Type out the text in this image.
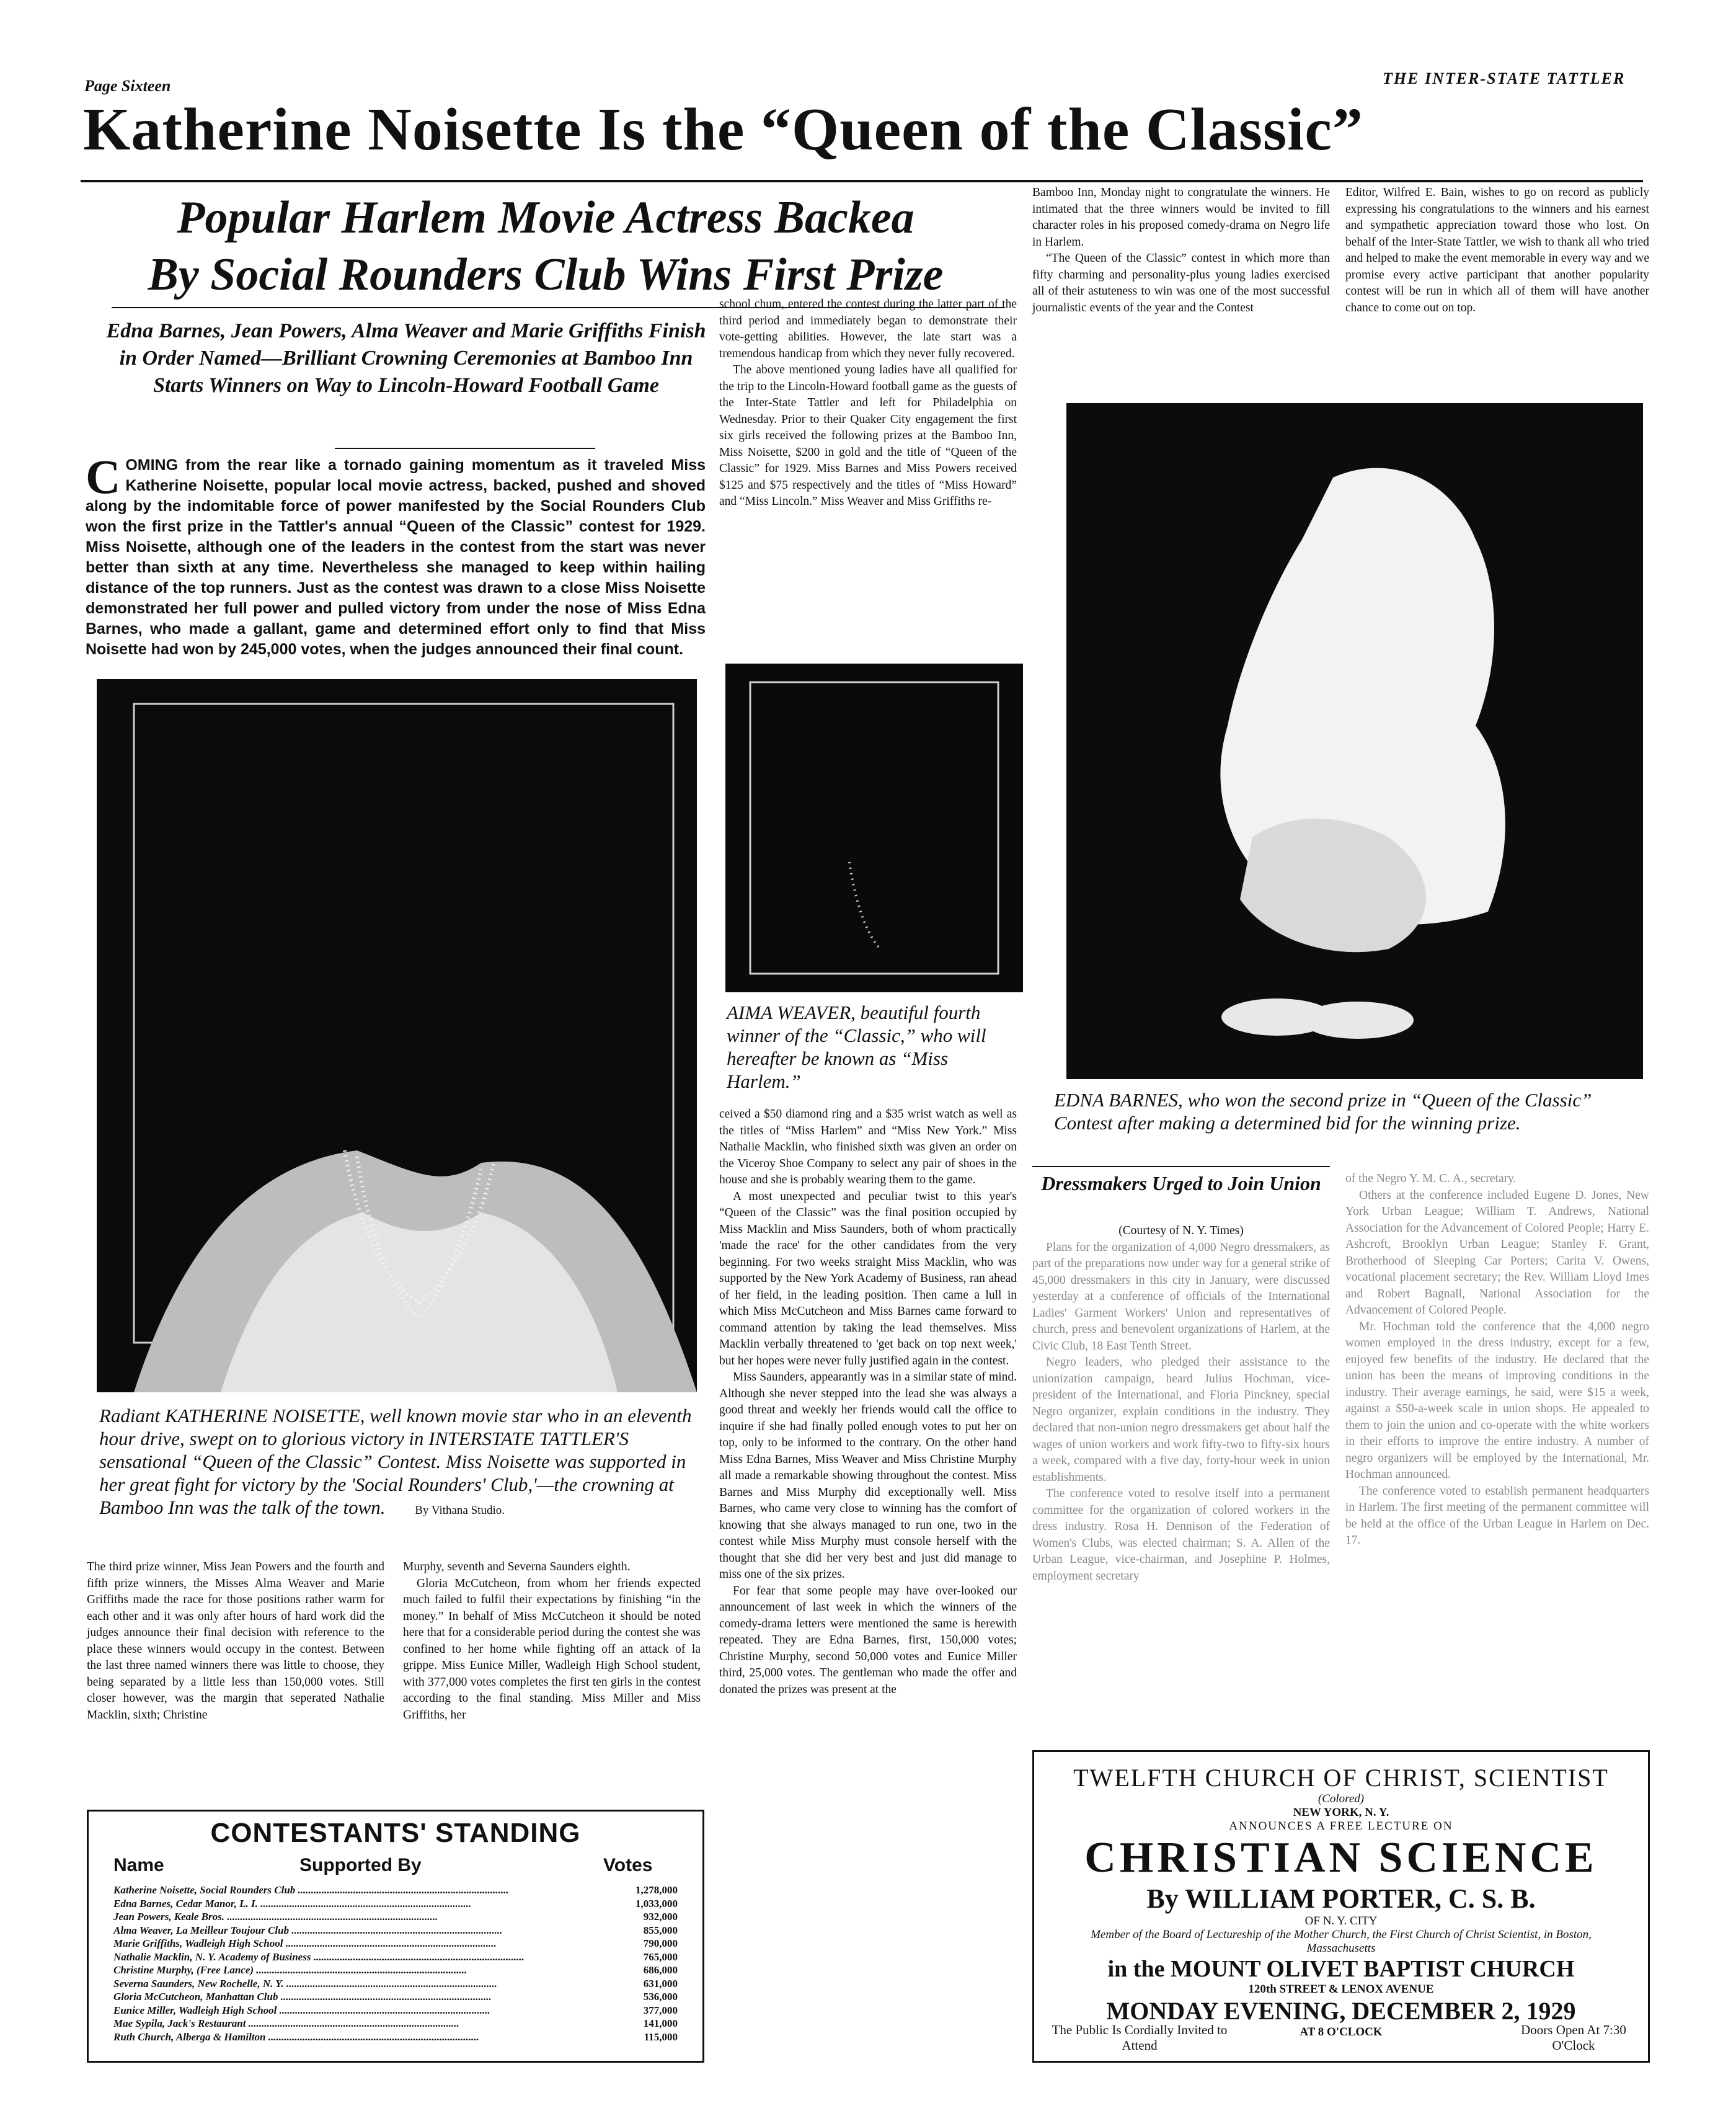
Page Sixteen	THE INTER-STATE TATTLER
Katherine Noisette Is the “Queen of the Classic”
Popular Harlem Movie Actress Backea
By Social Rounders Club Wins First Prize
Edna Barnes, Jean Powers, Alma Weaver and Marie Griffiths Finish in Order Named—Brilliant Crowning Ceremonies at Bamboo Inn Starts Winners on Way to Lincoln-Howard Football Game
COMING from the rear like a tornado gaining momentum as it traveled Miss Katherine Noisette, popular local movie actress, backed, pushed and shoved along by the indomitable force of power manifested by the Social Rounders Club won the first prize in the Tattler's annual “Queen of the Classic” contest for 1929. Miss Noisette, although one of the leaders in the contest from the start was never better than sixth at any time. Nevertheless she managed to keep within hailing distance of the top runners. Just as the contest was drawn to a close Miss Noisette demonstrated her full power and pulled victory from under the nose of Miss Edna Barnes, who made a gallant, game and determined effort only to find that Miss Noisette had won by 245,000 votes, when the judges announced their final count.

school chum, entered the contest during the latter part of the third period and immediately began to demonstrate their vote-getting abilities. However, the late start was a tremendous handicap from which they never fully recovered.

The above mentioned young ladies have all qualified for the trip to the Lincoln-Howard football game as the guests of the Inter-State Tattler and left for Philadelphia on Wednesday. Prior to their Quaker City engagement the first six girls received the following prizes at the Bamboo Inn, Miss Noisette, $200 in gold and the title of “Queen of the Classic” for 1929. Miss Barnes and Miss Powers received $125 and $75 respectively and the titles of “Miss Howard” and “Miss Lincoln.” Miss Weaver and Miss Griffiths re-

Bamboo Inn, Monday night to congratulate the winners. He intimated that the three winners would be invited to fill character roles in his proposed comedy-drama on Negro life in Harlem.

“The Queen of the Classic” contest in which more than fifty charming and personality-plus young ladies exercised all of their astuteness to win was one of the most successful journalistic events of the year and the Contest

Editor, Wilfred E. Bain, wishes to go on record as publicly expressing his congratulations to the winners and his earnest and sympathetic appreciation toward those who lost. On behalf of the Inter-State Tattler, we wish to thank all who tried and helped to make the event memorable in every way and we promise every active participant that another popularity contest will be run in which all of them will have another chance to come out on top.

Radiant KATHERINE NOISETTE, well known movie star who in an eleventh hour drive, swept on to glorious victory in INTERSTATE TATTLER'S sensational “Queen of the Classic” Contest. Miss Noisette was supported in her great fight for victory by the 'Social Rounders' Club,'—the crowning at Bamboo Inn was the talk of the town.	By Vithana Studio.
AIMA WEAVER, beautiful fourth winner of the “Classic,” who will hereafter be known as “Miss Harlem.”
EDNA BARNES, who won the second prize in “Queen of the Classic” Contest after making a determined bid for the winning prize.

ceived a $50 diamond ring and a $35 wrist watch as well as the titles of “Miss Harlem” and “Miss New York.” Miss Nathalie Macklin, who finished sixth was given an order on the Viceroy Shoe Company to select any pair of shoes in the house and she is probably wearing them to the game.

A most unexpected and peculiar twist to this year's “Queen of the Classic” was the final position occupied by Miss Macklin and Miss Saunders, both of whom practically 'made the race' for the other candidates from the very beginning. For two weeks straight Miss Macklin, who was supported by the New York Academy of Business, ran ahead of her field, in the leading position. Then came a lull in which Miss McCutcheon and Miss Barnes came forward to command attention by taking the lead themselves. Miss Macklin verbally threatened to 'get back on top next week,' but her hopes were never fully justified again in the contest.

Miss Saunders, appearantly was in a similar state of mind. Although she never stepped into the lead she was always a good threat and weekly her friends would call the office to inquire if she had finally polled enough votes to put her on top, only to be informed to the contrary. On the other hand Miss Edna Barnes, Miss Weaver and Miss Christine Murphy all made a remarkable showing throughout the contest. Miss Barnes and Miss Murphy did exceptionally well. Miss Barnes, who came very close to winning has the comfort of knowing that she always managed to run one, two in the contest while Miss Murphy must console herself with the thought that she did her very best and just did manage to miss one of the six prizes.

For fear that some people may have over-looked our announcement of last week in which the winners of the comedy-drama letters were mentioned the same is herewith repeated. They are Edna Barnes, first, 150,000 votes; Christine Murphy, second 50,000 votes and Eunice Miller third, 25,000 votes. The gentleman who made the offer and donated the prizes was present at the

Dressmakers Urged to Join Union

(Courtesy of N. Y. Times)

Plans for the organization of 4,000 Negro dressmakers, as part of the preparations now under way for a general strike of 45,000 dressmakers in this city in January, were discussed yesterday at a conference of officials of the International Ladies' Garment Workers' Union and representatives of church, press and benevolent organizations of Harlem, at the Civic Club, 18 East Tenth Street.

Negro leaders, who pledged their assistance to the unionization campaign, heard Julius Hochman, vice-president of the International, and Floria Pinckney, special Negro organizer, explain conditions in the industry. They declared that non-union negro dressmakers get about half the wages of union workers and work fifty-two to fifty-six hours a week, compared with a five day, forty-hour week in union establishments.

The conference voted to resolve itself into a permanent committee for the organization of colored workers in the dress industry. Rosa H. Dennison of the Federation of Women's Clubs, was elected chairman; S. A. Allen of the Urban League, vice-chairman, and Josephine P. Holmes, employment secretary

of the Negro Y. M. C. A., secretary.

Others at the conference included Eugene D. Jones, New York Urban League; William T. Andrews, National Association for the Advancement of Colored People; Harry E. Ashcroft, Brooklyn Urban League; Stanley F. Grant, Brotherhood of Sleeping Car Porters; Carita V. Owens, vocational placement secretary; the Rev. William Lloyd Imes and Robert Bagnall, National Association for the Advancement of Colored People.

Mr. Hochman told the conference that the 4,000 negro women employed in the dress industry, except for a few, enjoyed few benefits of the industry. He declared that the union has been the means of improving conditions in the industry. Their average earnings, he said, were $15 a week, against a $50-a-week scale in union shops. He appealed to them to join the union and co-operate with the white workers in their efforts to improve the entire industry. A number of negro organizers will be employed by the International, Mr. Hochman announced.

The conference voted to establish permanent headquarters in Harlem. The first meeting of the permanent committee will be held at the office of the Urban League in Harlem on Dec. 17.

The third prize winner, Miss Jean Powers and the fourth and fifth prize winners, the Misses Alma Weaver and Marie Griffiths made the race for those positions rather warm for each other and it was only after hours of hard work did the judges announce their final decision with reference to the place these winners would occupy in the contest. Between the last three named winners there was little to choose, they being separated by a little less than 150,000 votes. Still closer however, was the margin that seperated Nathalie Macklin, sixth; Christine

Murphy, seventh and Severna Saunders eighth.

Gloria McCutcheon, from whom her friends expected much failed to fulfil their expectations by finishing “in the money.” In behalf of Miss McCutcheon it should be noted here that for a considerable period during the contest she was confined to her home while fighting off an attack of la grippe. Miss Eunice Miller, Wadleigh High School student, with 377,000 votes completes the first ten girls in the contest according to the final standing. Miss Miller and Miss Griffiths, her

CONTESTANTS' STANDING
Name	Supported By	Votes
Katherine Noisette, Social Rounders Club ................................................................................	1,278,000
Edna Barnes, Cedar Manor, L. I. ................................................................................	1,033,000
Jean Powers, Keale Bros. ................................................................................	932,000
Alma Weaver, La Meilleur Toujour Club ................................................................................	855,000
Marie Griffiths, Wadleigh High School ................................................................................	790,000
Nathalie Macklin, N. Y. Academy of Business ................................................................................	765,000
Christine Murphy, (Free Lance) ................................................................................	686,000
Severna Saunders, New Rochelle, N. Y. ................................................................................	631,000
Gloria McCutcheon, Manhattan Club ................................................................................	536,000
Eunice Miller, Wadleigh High School ................................................................................	377,000
Mae Sypila, Jack's Restaurant ................................................................................	141,000
Ruth Church, Alberga & Hamilton ................................................................................	115,000
TWELFTH CHURCH OF CHRIST, SCIENTIST
(Colored)
NEW YORK, N. Y.
ANNOUNCES A FREE LECTURE ON
CHRISTIAN SCIENCE
By WILLIAM PORTER, C. S. B.
OF N. Y. CITY
Member of the Board of Lectureship of the Mother Church, the First Church of Christ Scientist, in Boston, Massachusetts
in the MOUNT OLIVET BAPTIST CHURCH
120th STREET & LENOX AVENUE
MONDAY EVENING, DECEMBER 2, 1929
AT 8 O'CLOCK
The Public Is Cordially Invited to Attend
Doors Open At 7:30 O'Clock
